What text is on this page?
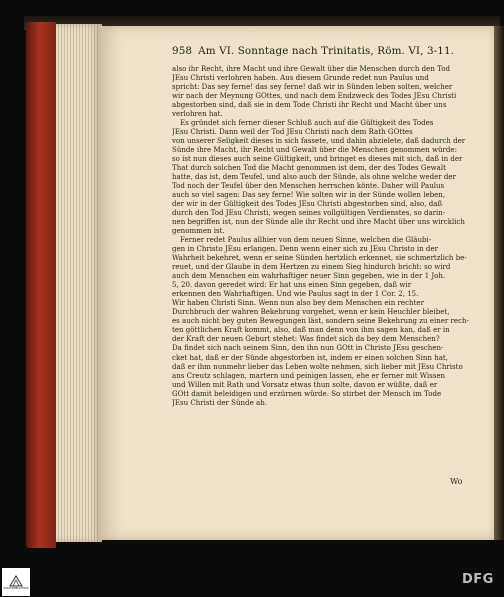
958 Am VI. Sonntage nach Trinitatis, Röm. VI, 3-11.
also ihr Recht, ihre Macht und ihre Gewalt über die Menschen durch den Tod
JEsu Christi verlohren haben. Aus diesem Grunde redet nun Paulus und
spricht: Das sey ferne! das sey ferne! daß wir in Sünden leben solten, welcher
wir nach der Meynung GOttes, und nach dem Endzweck des Todes JEsu Christi
abgestorben sind, daß sie in dem Tode Christi ihr Recht und Macht über uns
verlohren hat.
Es gründet sich ferner dieser Schluß auch auf die Gültigkeit des Todes
JEsu Christi. Dann weil der Tod JEsu Christi nach dem Rath GOttes
von unserer Seligkeit dieses in sich fassete, und dahin abzielete, daß dadurch der
Sünde ihre Macht, ihr Recht und Gewalt über die Menschen genommen würde:
so ist nun dieses auch seine Gültigkeit, und bringet es dieses mit sich, daß in der
That durch solchen Tod die Macht genommen ist dem, der des Todes Gewalt
hatte, das ist, dem Teufel, und also auch der Sünde, als ohne welche weder der
Tod noch der Teufel über den Menschen herrschen könte. Daher will Paulus
auch so viel sagen: Das sey ferne! Wie solten wir in der Sünde wollen leben,
der wir in der Gültigkeit des Todes JEsu Christi abgestorben sind, also, daß
durch den Tod JEsu Christi, wegen seines vollgültigen Verdienstes, so darin-
nen begriffen ist, nun der Sünde alle ihr Recht und ihre Macht über uns wircklich
genommen ist.
Ferner redet Paulus allhier von dem neuen Sinne, welchen die Gläubi-
gen in Christo JEsu erlangen. Denn wenn einer sich zu JEsu Christo in der
Wahrheit bekehret, wenn er seine Sünden hertzlich erkennet, sie schmertzlich be-
reuet, und der Glaube in dem Hertzen zu einem Sieg hindurch bricht: so wird
auch dem Menschen ein wahrhaftiger neuer Sinn gegeben, wie in der 1 Joh.
5, 20. davon geredet wird: Er hat uns einen Sinn gegeben, daß wir
erkennen den Wahrhaftigen. Und wie Paulus sagt in der 1 Cor. 2, 15.
Wir haben Christi Sinn. Wenn nun also bey dem Menschen ein rechter
Durchbruch der wahren Bekehrung vorgehet, wenn er kein Heuchler bleibet,
es auch nicht bey guten Bewegungen läst, sondern seine Bekehrung zu einer rech-
ten göttlichen Kraft kommt, also, daß man denn von ihm sagen kan, daß er in
der Kraft der neuen Geburt stehet: Was findet sich da bey dem Menschen?
Da findet sich nach seinem Sinn, den ihn nun GOtt in Christo JEsu geschen-
cket hat, daß er der Sünde abgestorben ist, indem er einen solchen Sinn hat,
daß er ihm nunmehr lieber das Leben wolte nehmen, sich lieber mit JEsu Christo
ans Creutz schlagen, martern und peinigen lassen, ehe er ferner mit Wissen
und Willen mit Rath und Vorsatz etwas thun solte, davon er wüßte, daß er
GOtt damit beleidigen und erzürnen würde. So stirbet der Mensch im Tode
JEsu Christi der Sünde ab.
Wo
STAATSBIBLIOTHEK
DFG
